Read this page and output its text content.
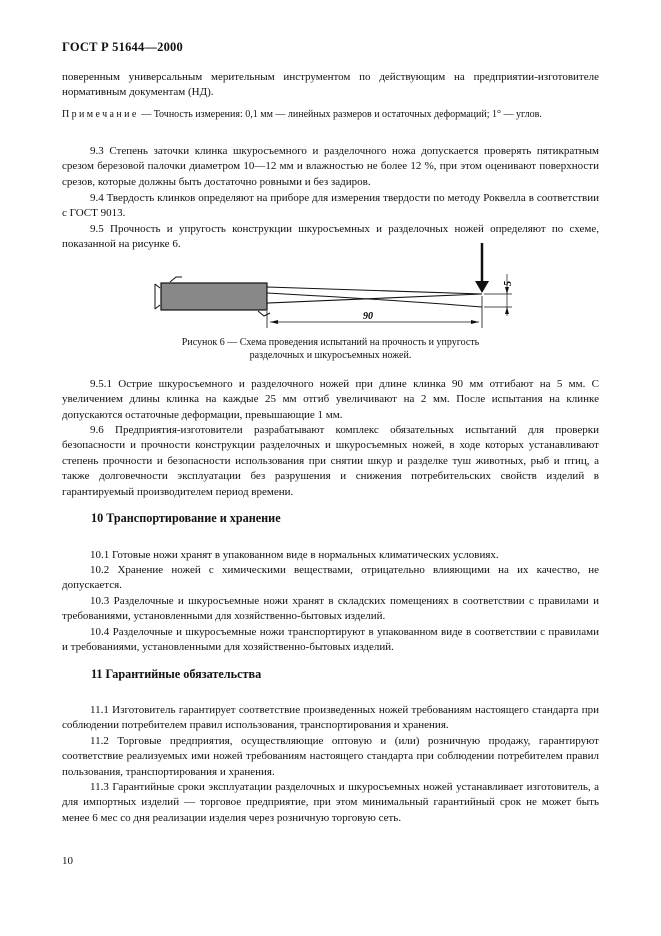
ГОСТ Р 51644—2000
поверенным универсальным мерительным инструментом по действующим на предприятии-изготовителе нормативным документам (НД).
Примечание — Точность измерения: 0,1 мм — линейных размеров и остаточных деформаций; 1° — углов.
9.3 Степень заточки клинка шкуросъемного и разделочного ножа допускается проверять пятикратным срезом березовой палочки диаметром 10—12 мм и влажностью не более 12 %, при этом оценивают поверхности срезов, которые должны быть достаточно ровными и без задиров.
9.4 Твердость клинков определяют на приборе для измерения твердости по методу Роквелла в соответствии с ГОСТ 9013.
9.5 Прочность и упругость конструкции шкуросъемных и разделочных ножей определяют по схеме, показанной на рисунке 6.
90
5
Рисунок 6 — Схема проведения испытаний на прочность и упругость
разделочных и шкуросъемных ножей.
9.5.1 Острие шкуросъемного и разделочного ножей при длине клинка 90 мм отгибают на 5 мм. С увеличением длины клинка на каждые 25 мм отгиб увеличивают на 2 мм. После испытания на клинке допускаются остаточные деформации, превышающие 1 мм.
9.6 Предприятия-изготовители разрабатывают комплекс обязательных испытаний для проверки безопасности и прочности конструкции разделочных и шкуросъемных ножей, в ходе которых устанавливают степень прочности и безопасности использования при снятии шкур и разделке туш животных, рыб и птиц, а также долговечности эксплуатации без разрушения и снижения потребительских свойств изделий в гарантируемый производителем период времени.
10 Транспортирование и хранение
10.1 Готовые ножи хранят в упакованном виде в нормальных климатических условиях.
10.2 Хранение ножей с химическими веществами, отрицательно влияющими на их качество, не допускается.
10.3 Разделочные и шкуросъемные ножи хранят в складских помещениях в соответствии с правилами и требованиями, установленными для хозяйственно-бытовых изделий.
10.4 Разделочные и шкуросъемные ножи транспортируют в упакованном виде в соответствии с правилами и требованиями, установленными для хозяйственно-бытовых изделий.
11 Гарантийные обязательства
11.1 Изготовитель гарантирует соответствие произведенных ножей требованиям настоящего стандарта при соблюдении потребителем правил использования, транспортирования и хранения.
11.2 Торговые предприятия, осуществляющие оптовую и (или) розничную продажу, гарантируют соответствие реализуемых ими ножей требованиям настоящего стандарта при соблюдении потребителем правил пользования, транспортирования и хранения.
11.3 Гарантийные сроки эксплуатации разделочных и шкуросъемных ножей устанавливает изготовитель, а для импортных изделий — торговое предприятие, при этом минимальный гарантийный срок не может быть менее 6 мес со дня реализации изделия через розничную торговую сеть.
10
